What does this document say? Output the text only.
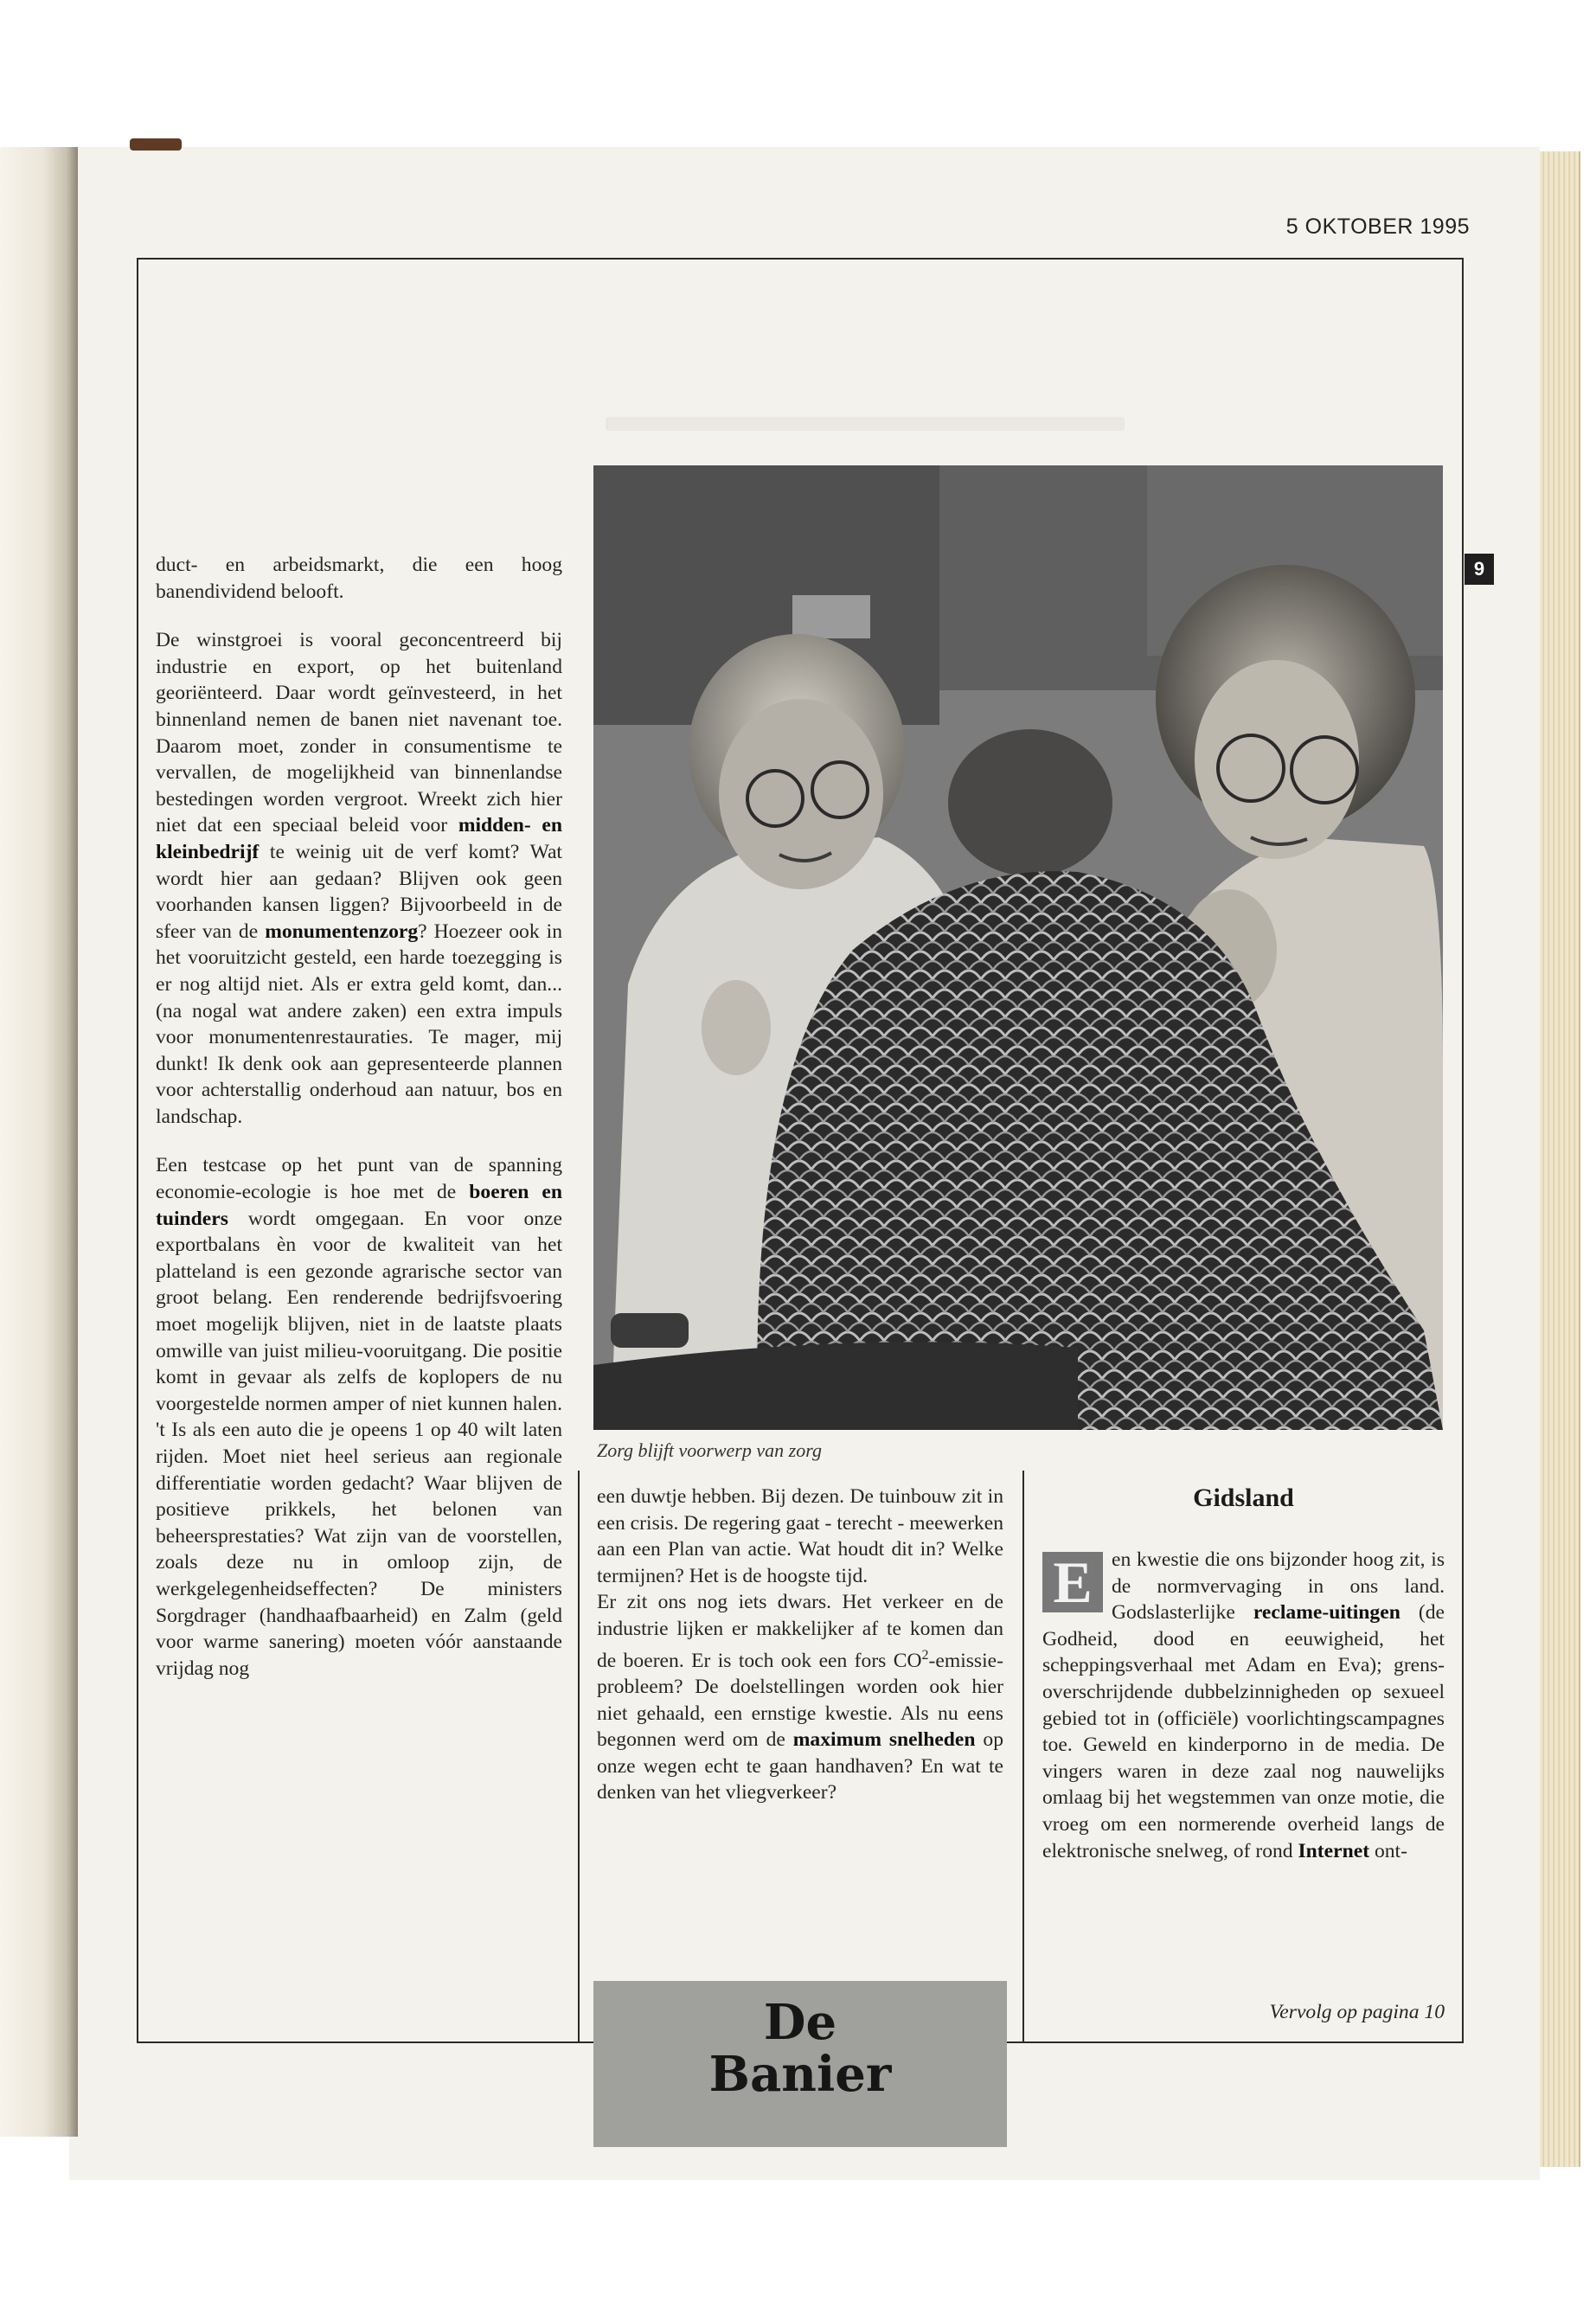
5 OKTOBER 1995
9

duct- en arbeidsmarkt, die een hoog banendividend belooft.

De winstgroei is vooral geconcentreerd bij industrie en export, op het buitenland georiënteerd. Daar wordt geïnvesteerd, in het binnenland nemen de banen niet navenant toe. Daarom moet, zonder in consumentisme te vervallen, de mogelijkheid van binnenlandse bestedingen worden vergroot. Wreekt zich hier niet dat een speciaal beleid voor midden- en kleinbedrijf te weinig uit de verf komt? Wat wordt hier aan gedaan? Blijven ook geen voorhanden kansen liggen? Bijvoorbeeld in de sfeer van de monumentenzorg? Hoezeer ook in het vooruitzicht gesteld, een harde toezegging is er nog altijd niet. Als er extra geld komt, dan... (na nogal wat andere zaken) een extra impuls voor monumentenrestauraties. Te mager, mij dunkt! Ik denk ook aan gepresenteerde plannen voor achterstallig onderhoud aan natuur, bos en landschap.

Een testcase op het punt van de spanning economie-ecologie is hoe met de boeren en tuinders wordt omgegaan. En voor onze exportbalans èn voor de kwaliteit van het platteland is een gezonde agrarische sector van groot belang. Een renderende bedrijfsvoering moet mogelijk blijven, niet in de laatste plaats omwille van juist milieu-vooruitgang. Die positie komt in gevaar als zelfs de koplopers de nu voorgestelde normen amper of niet kunnen halen. 't Is als een auto die je opeens 1 op 40 wilt laten rijden. Moet niet heel serieus aan regionale differentiatie worden gedacht? Waar blijven de positieve prikkels, het belonen van beheersprestaties? Wat zijn van de voorstellen, zoals deze nu in omloop zijn, de werkgelegenheidseffecten? De ministers Sorgdrager (handhaafbaarheid) en Zalm (geld voor warme sanering) moeten vóór aanstaande vrijdag nog

Zorg blijft voorwerp van zorg

een duwtje hebben. Bij dezen. De tuinbouw zit in een crisis. De regering gaat - terecht - meewerken aan een Plan van actie. Wat houdt dit in? Welke termijnen? Het is de hoogste tijd.

Er zit ons nog iets dwars. Het verkeer en de industrie lijken er makkelijker af te komen dan de boeren. Er is toch ook een fors $CO^2-emissie$-probleem? De doelstellingen worden ook hier niet gehaald, een ernstige kwestie. Als nu eens begonnen werd om de maximum snelheden op onze wegen echt te gaan handhaven? En wat te denken van het vliegverkeer?

Gidsland

E en kwestie die ons bijzonder hoog zit, is de normvervaging in ons land. Godslasterlijke reclame-uitingen (de Godheid, dood en eeuwigheid, het scheppingsverhaal met Adam en Eva); grens-overschrijdende dubbelzinnigheden op sexueel gebied tot in (officiële) voorlichtingscampagnes toe. Geweld en kinderporno in de media. De vingers waren in deze zaal nog nauwelijks omlaag bij het wegstemmen van onze motie, die vroeg om een normerende overheid langs de elektronische snelweg, of rond Internet ont-

Vervolg op pagina 10
De
Banier
